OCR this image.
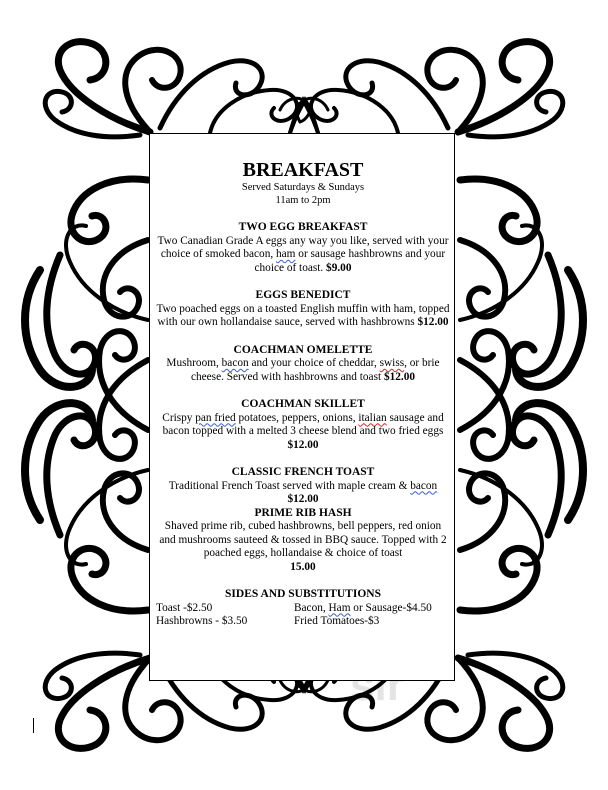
BREAKFAST
Served Saturdays & Sundays
11am to 2pm
TWO EGG BREAKFAST
Two Canadian Grade A eggs any way you like, served with your choice of smoked bacon, ham or sausage hashbrowns and your choice of toast. $9.00
EGGS BENEDICT
Two poached eggs on a toasted English muffin with ham, topped with our own hollandaise sauce, served with hashbrowns $12.00
COACHMAN OMELETTE
Mushroom, bacon and your choice of cheddar, swiss, or brie cheese. Served with hashbrowns and toast $12.00
COACHMAN SKILLET
Crispy pan fried potatoes, peppers, onions, italian sausage and bacon topped with a melted 3 cheese blend and two fried eggs $12.00
CLASSIC FRENCH TOAST
Traditional French Toast served with maple cream & bacon $12.00
PRIME RIB HASH
Shaved prime rib, cubed hashbrowns, bell peppers, red onion and mushrooms sauteed & tossed in BBQ sauce. Topped with 2 poached eggs, hollandaise & choice of toast
15.00
SIDES AND SUBSTITUTIONS
Toast -$2.50	Bacon, Ham or Sausage-$4.50
Hashbrowns - $3.50	Fried Tomatoes-$3
